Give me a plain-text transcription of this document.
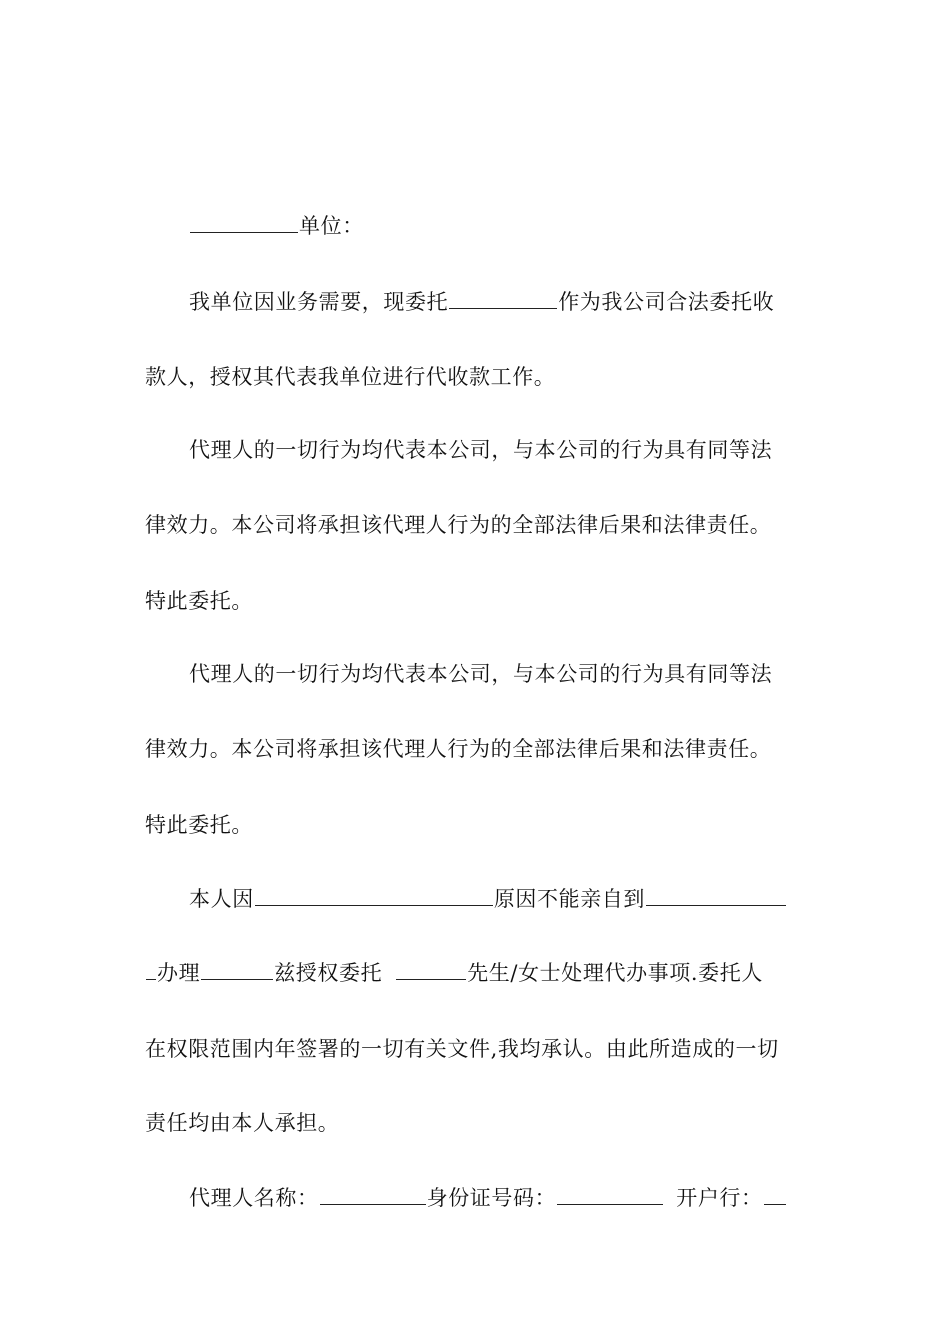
单位：
我单位因业务需要，现委托	作为我公司合法委托收
款人，授权其代表我单位进行代收款工作。
代理人的一切行为均代表本公司，与本公司的行为具有同等法
律效力。本公司将承担该代理人行为的全部法律后果和法律责任。
特此委托。
代理人的一切行为均代表本公司，与本公司的行为具有同等法
律效力。本公司将承担该代理人行为的全部法律后果和法律责任。
特此委托。
本人因	原因不能亲自到
办理	兹授权委托	先生/女士处理代办事项.委托人
在权限范围内年签署的一切有关文件,我均承认。由此所造成的一切
责任均由本人承担。
代理人名称：	身份证号码：	开户行：
